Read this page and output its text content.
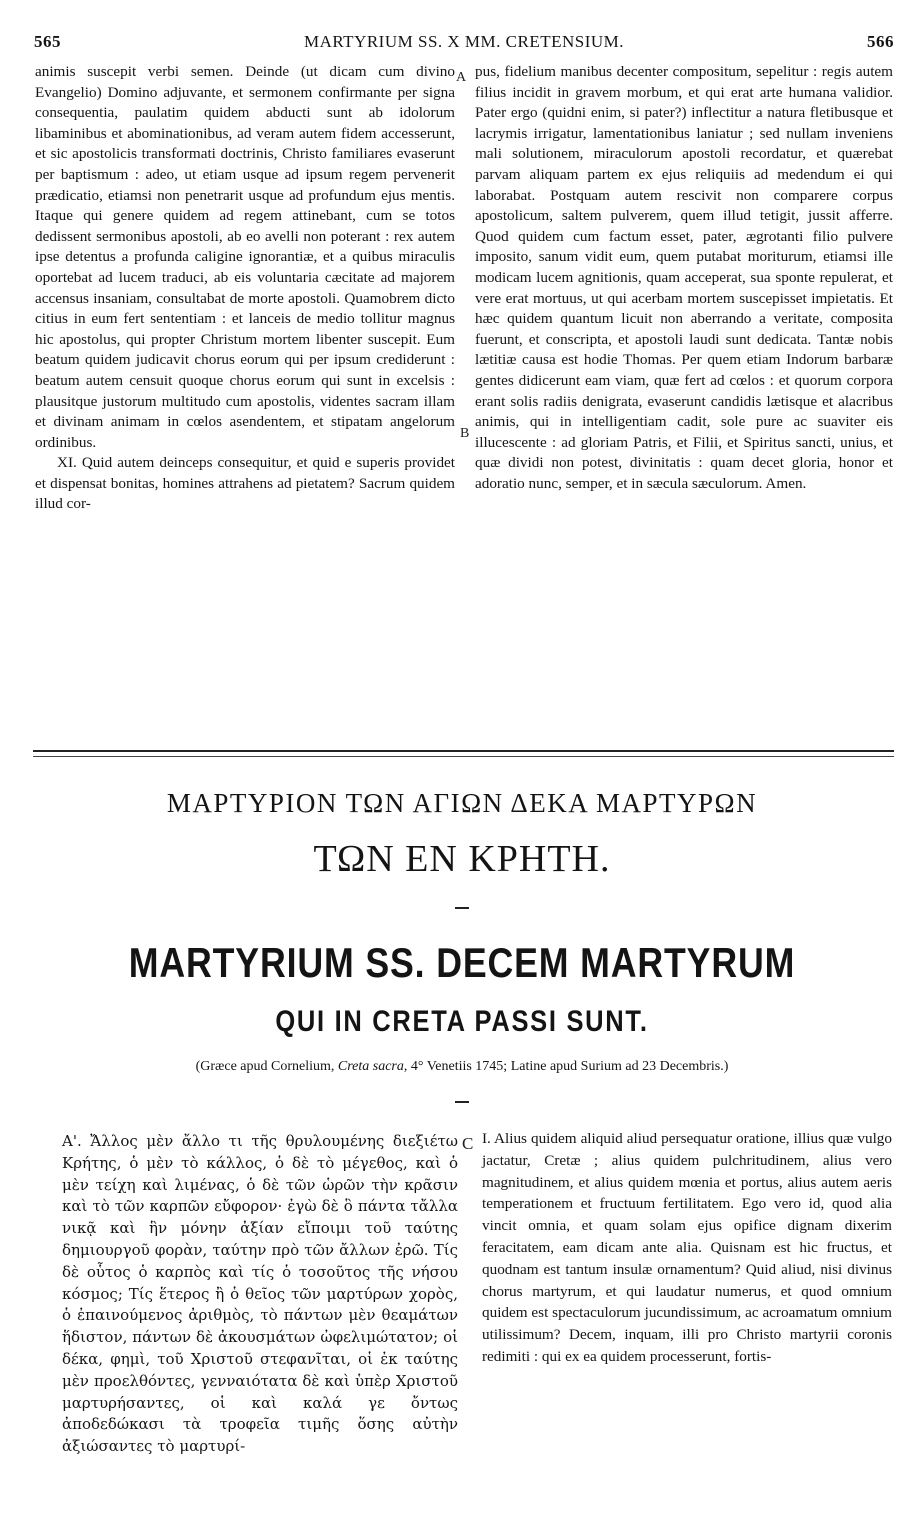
565	MARTYRIUM SS. X MM. CRETENSIUM.	566

animis suscepit verbi semen. Deinde (ut dicam cum divino Evangelio) Domino adjuvante, et sermonem confirmante per signa consequentia, paulatim quidem abducti sunt ab idolorum libaminibus et abominationibus, ad veram autem fidem accesserunt, et sic apostolicis transformati doctrinis, Christo familiares evaserunt per baptismum : adeo, ut etiam usque ad ipsum regem pervenerit prædicatio, etiamsi non penetrarit usque ad profundum ejus mentis. Itaque qui genere quidem ad regem attinebant, cum se totos dedissent sermonibus apostoli, ab eo avelli non poterant : rex autem ipse detentus a profunda caligine ignorantiæ, et a quibus miraculis oportebat ad lucem traduci, ab eis voluntaria cæcitate ad majorem accensus insaniam, consultabat de morte apostoli. Quamobrem dicto citius in eum fert sententiam : et lanceis de medio tollitur magnus hic apostolus, qui propter Christum mortem libenter suscepit. Eum beatum quidem judicavit chorus eorum qui per ipsum crediderunt : beatum autem censuit quoque chorus eorum qui sunt in excelsis : plausitque justorum multitudo cum apostolis, videntes sacram illam et divinam animam in cœlos asendentem, et stipatam angelorum ordinibus.

XI. Quid autem deinceps consequitur, et quid e superis providet et dispensat bonitas, homines attrahens ad pietatem? Sacrum quidem illud cor-

A
B

pus, fidelium manibus decenter compositum, sepelitur : regis autem filius incidit in gravem morbum, et qui erat arte humana validior. Pater ergo (quidni enim, si pater?) inflectitur a natura fletibusque et lacrymis irrigatur, lamentationibus laniatur ; sed nullam inveniens mali solutionem, miraculorum apostoli recordatur, et quærebat parvam aliquam partem ex ejus reliquiis ad medendum ei qui laborabat. Postquam autem rescivit non comparere corpus apostolicum, saltem pulverem, quem illud tetigit, jussit afferre. Quod quidem cum factum esset, pater, ægrotanti filio pulvere imposito, sanum vidit eum, quem putabat moriturum, etiamsi ille modicam lucem agnitionis, quam acceperat, sua sponte repulerat, et vere erat mortuus, ut qui acerbam mortem suscepisset impietatis. Et hæc quidem quantum licuit non aberrando a veritate, composita fuerunt, et conscripta, et apostoli laudi sunt dedicata. Tantæ nobis lætitiæ causa est hodie Thomas. Per quem etiam Indorum barbaræ gentes didicerunt eam viam, quæ fert ad cœlos : et quorum corpora erant solis radiis denigrata, evaserunt candidis lætisque et alacribus animis, qui in intelligentiam cadit, sole pure ac suaviter eis illucescente : ad gloriam Patris, et Filii, et Spiritus sancti, unius, et quæ dividi non potest, divinitatis : quam decet gloria, honor et adoratio nunc, semper, et in sæcula sæculorum. Amen.

ΜΑΡΤΥΡΙΟΝ ΤΩΝ ΑΓΙΩΝ ΔΕΚΑ ΜΑΡΤΥΡΩΝ
ΤΩΝ ΕΝ ΚΡΗΤΗ.
MARTYRIUM SS. DECEM MARTYRUM
QUI IN CRETA PASSI SUNT.
(Græce apud Cornelium, Creta sacra, 4° Venetiis 1745; Latine apud Surium ad 23 Decembris.)

Α'. Ἄλλος μὲν ἄλλο τι τῆς θρυλουμένης διεξιέτω Κρήτης, ὁ μὲν τὸ κάλλος, ὁ δὲ τὸ μέγεθος, καὶ ὁ μὲν τείχη καὶ λιμένας, ὁ δὲ τῶν ὡρῶν τὴν κρᾶσιν καὶ τὸ τῶν καρπῶν εὔφορον· ἐγὼ δὲ ὃ πάντα τἄλλα νικᾷ καὶ ἣν μόνην ἀξίαν εἴποιμι τοῦ ταύτης δημιουργοῦ φορὰν, ταύτην πρὸ τῶν ἄλλων ἐρῶ. Τίς δὲ οὗτος ὁ καρπὸς καὶ τίς ὁ τοσοῦτος τῆς νήσου κόσμος; Τίς ἕτερος ἢ ὁ θεῖος τῶν μαρτύρων χορὸς, ὁ ἐπαινούμενος ἀριθμὸς, τὸ πάντων μὲν θεαμάτων ἥδιστον, πάντων δὲ ἀκουσμάτων ὠφελιμώτατον; οἱ δέκα, φημὶ, τοῦ Χριστοῦ στεφανῖται, οἱ ἐκ ταύτης μὲν προελθόντες, γενναιότατα δὲ καὶ ὑπὲρ Χριστοῦ μαρτυρήσαντες, οἱ καὶ καλά γε ὄντως ἀποδεδώκασι τὰ τροφεῖα τιμῆς ὅσης αὐτὴν ἀξιώσαντες τὸ μαρτυρί-

C I. Alius quidem aliquid aliud persequatur oratione, illius quæ vulgo jactatur, Cretæ ; alius quidem pulchritudinem, alius vero magnitudinem, et alius quidem mœnia et portus, alius autem aeris temperationem et fructuum fertilitatem. Ego vero id, quod alia vincit omnia, et quam solam ejus opifice dignam dixerim feracitatem, eam dicam ante alia. Quisnam est hic fructus, et quodnam est tantum insulæ ornamentum? Quid aliud, nisi divinus chorus martyrum, et qui laudatur numerus, et quod omnium quidem est spectaculorum jucundissimum, ac acroamatum omnium utilissimum? Decem, inquam, illi pro Christo martyrii coronis redimiti : qui ex ea quidem processerunt, fortis-
